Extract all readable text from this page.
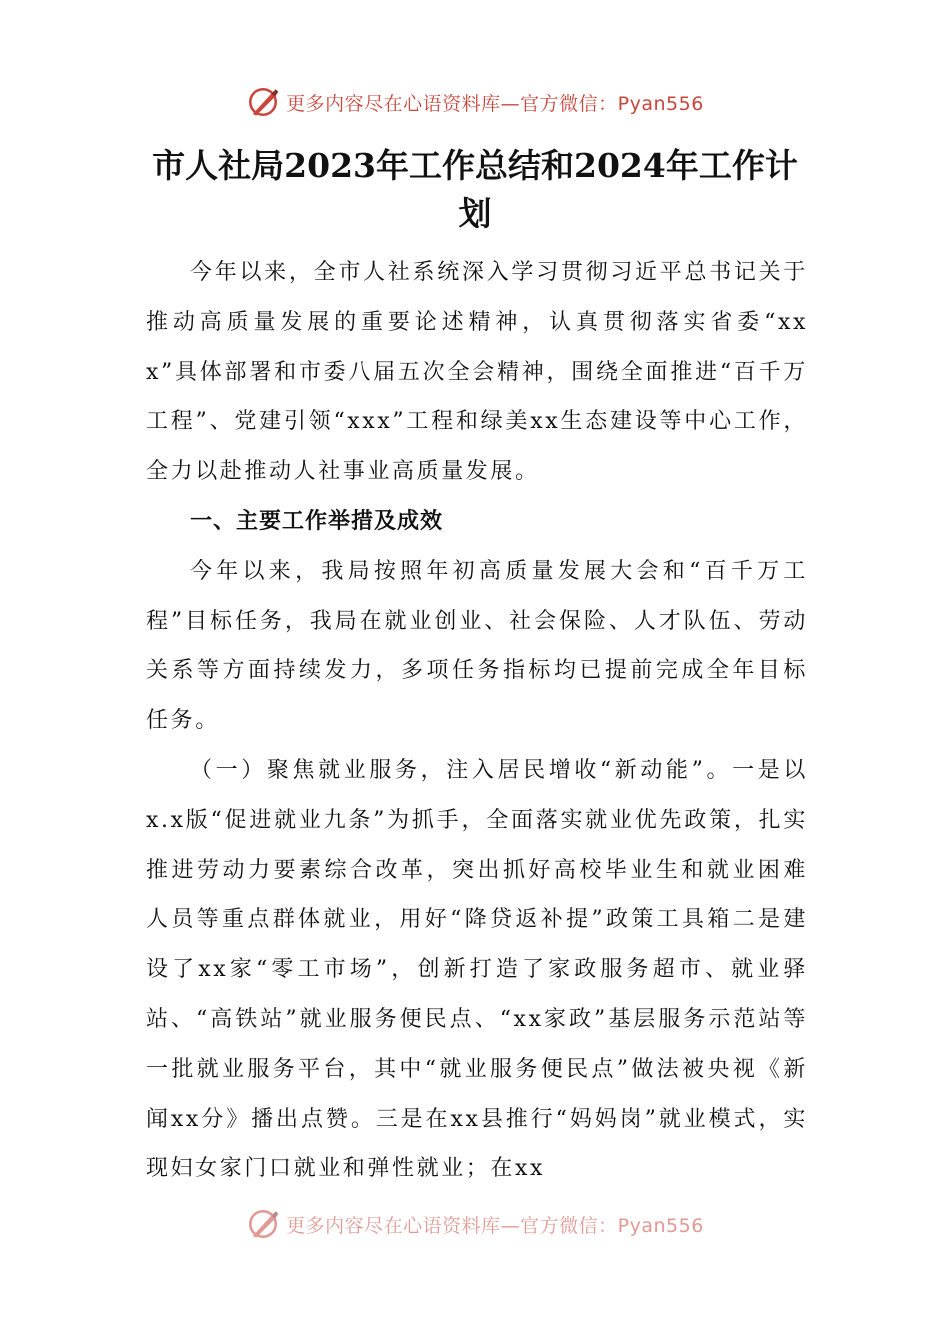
更多内容尽在心语资料库—官方微信：Pyan556
市人社局2023年工作总结和2024年工作计划

今年以来，全市人社系统深入学习贯彻习近平总书记关于推动高质量发展的重要论述精神，认真贯彻落实省委“xxx”具体部署和市委八届五次全会精神，围绕全面推进“百千万工程”、党建引领“xxx”工程和绿美xx生态建设等中心工作，全力以赴推动人社事业高质量发展。

一、主要工作举措及成效

今年以来，我局按照年初高质量发展大会和“百千万工程”目标任务，我局在就业创业、社会保险、人才队伍、劳动关系等方面持续发力，多项任务指标均已提前完成全年目标任务。

（一）聚焦就业服务，注入居民增收“新动能”。一是以x.x版“促进就业九条”为抓手，全面落实就业优先政策，扎实推进劳动力要素综合改革，突出抓好高校毕业生和就业困难人员等重点群体就业，用好“降贷返补提”政策工具箱二是建设了xx家“零工市场”，创新打造了家政服务超市、就业驿站、“高铁站”就业服务便民点、“xx家政”基层服务示范站等一批就业服务平台，其中“就业服务便民点”做法被央视《新闻xx分》播出点赞。三是在xx县推行“妈妈岗”就业模式，实现妇女家门口就业和弹性就业；在xx

更多内容尽在心语资料库—官方微信：Pyan556
